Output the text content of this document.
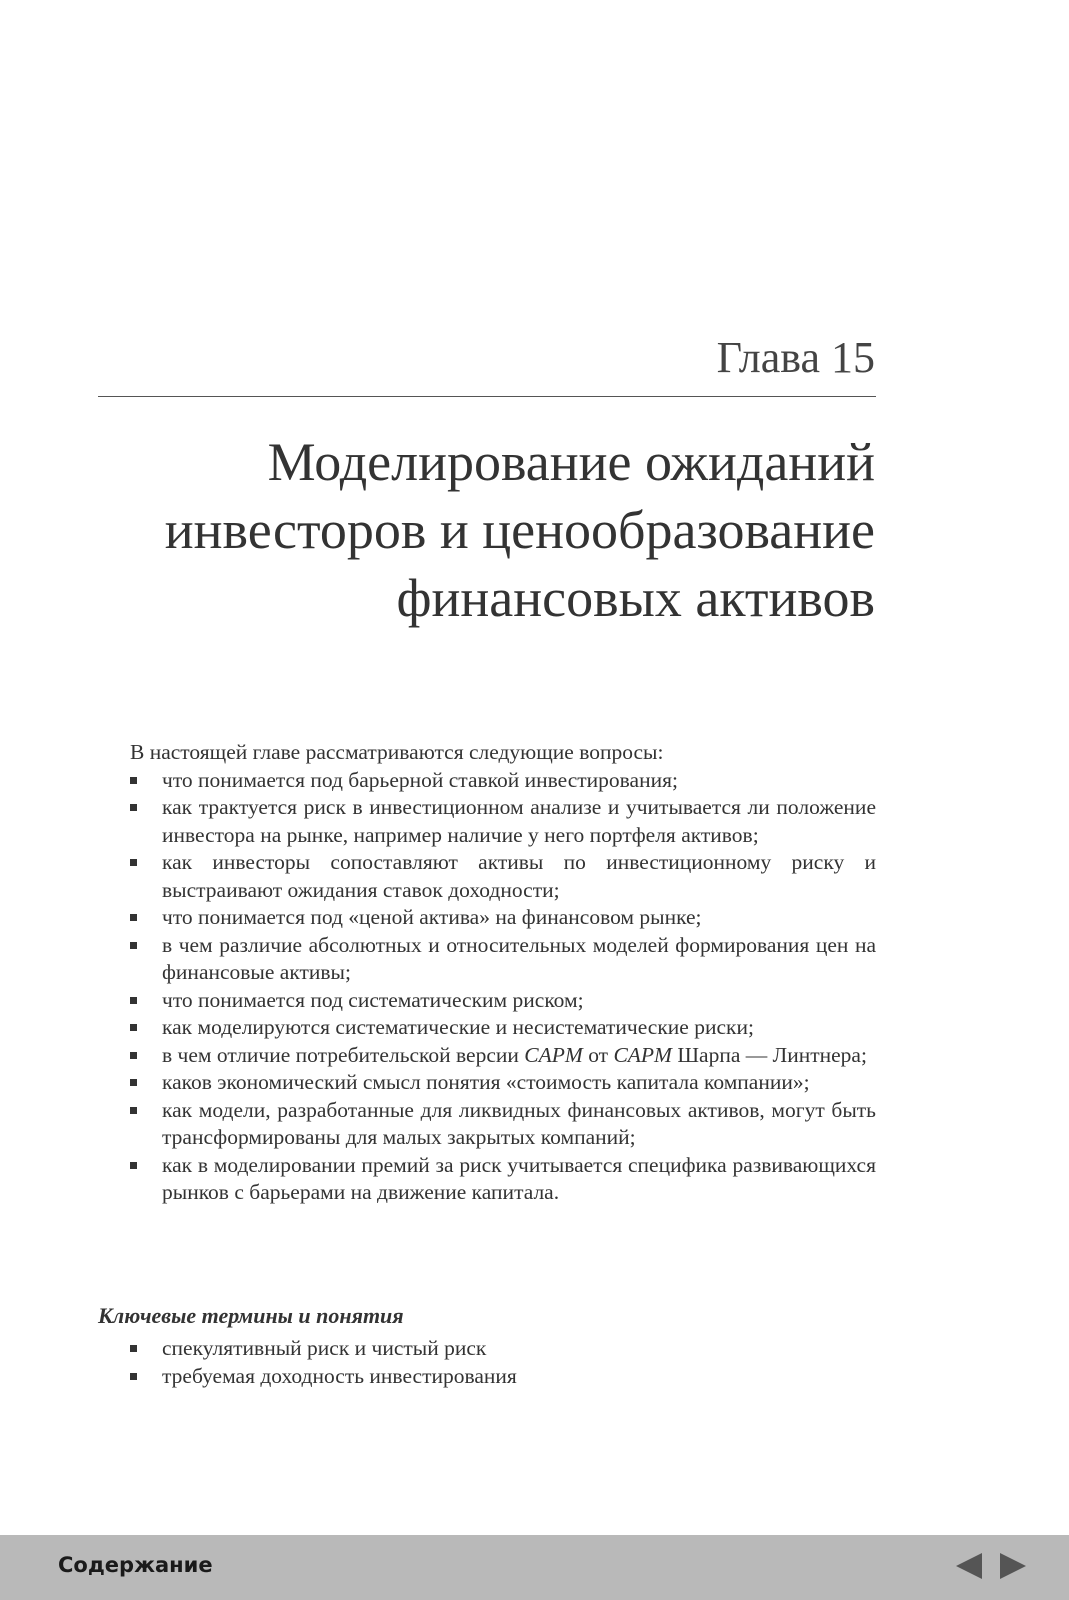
Глава 15
Моделирование ожиданий
инвесторов и ценообразование
финансовых активов

В настоящей главе рассматриваются следующие вопросы:

что понимается под барьерной ставкой инвестирования;
как трактуется риск в инвестиционном анализе и учитывается ли положение инвестора на рынке, например наличие у него портфеля активов;
как инвесторы сопоставляют активы по инвестиционному риску и выстраивают ожидания ставок доходности;
что понимается под «ценой актива» на финансовом рынке;
в чем различие абсолютных и относительных моделей формирования цен на финансовые активы;
что понимается под систематическим риском;
как моделируются систематические и несистематические риски;
в чем отличие потребительской версии CAPM от CAPM Шарпа — Линтнера;
каков экономический смысл понятия «стоимость капитала компании»;
как модели, разработанные для ликвидных финансовых активов, могут быть трансформированы для малых закрытых компаний;
как в моделировании премий за риск учитывается специфика развивающихся рынков с барьерами на движение капитала.
Ключевые термины и понятия
спекулятивный риск и чистый риск
требуемая доходность инвестирования
Содержание
